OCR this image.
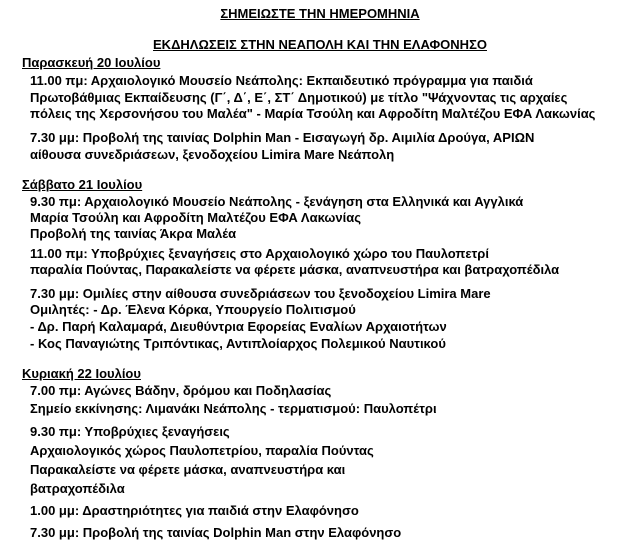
ΣΗΜΕΙΩΣΤΕ ΤΗΝ ΗΜΕΡΟΜΗΝΙΑ
ΕΚΔΗΛΩΣΕΙΣ ΣΤΗΝ ΝΕΑΠΟΛΗ ΚΑΙ ΤΗΝ ΕΛΑΦΟΝΗΣΟ
Παρασκευή 20 Ιουλίου
11.00 πμ: Αρχαιολογικό Μουσείο Νεάπολης: Εκπαιδευτικό πρόγραμμα για παιδιά
Πρωτοβάθμιας Εκπαίδευσης (Γ΄, Δ΄, Ε΄, ΣΤ΄ Δημοτικού) με τίτλο "Ψάχνοντας τις αρχαίες
πόλεις της Χερσονήσου του Μαλέα" - Μαρία Τσούλη και Αφροδίτη Μαλτέζου ΕΦΑ Λακωνίας
7.30 μμ: Προβολή της ταινίας Dolphin Man - Εισαγωγή δρ. Αιμιλία Δρούγα, ΑΡΙΩΝ
αίθουσα συνεδριάσεων, ξενοδοχείου Limira Mare Νεάπολη
Σάββατο 21 Ιουλίου
9.30 πμ: Αρχαιολογικό Μουσείο Νεάπολης - ξενάγηση στα Ελληνικά και Αγγλικά
Μαρία Τσούλη και Αφροδίτη Μαλτέζου ΕΦΑ Λακωνίας
Προβολή της ταινίας Άκρα Μαλέα
11.00 πμ: Υποβρύχιες ξεναγήσεις στο Αρχαιολογικό χώρο του Παυλοπετρί
παραλία Πούντας, Παρακαλείστε να φέρετε μάσκα, αναπνευστήρα και βατραχοπέδιλα
7.30 μμ: Ομιλίες στην αίθουσα συνεδριάσεων του ξενοδοχείου Limira Mare
Ομιλητές: - Δρ. Έλενα Κόρκα, Υπουργείο Πολιτισμού
- Δρ. Παρή Καλαμαρά, Διευθύντρια Εφορείας Εναλίων Αρχαιοτήτων
- Κος Παναγιώτης Τριπόντικας, Αντιπλοίαρχος Πολεμικού Ναυτικού
Κυριακή 22 Ιουλίου
7.00 πμ: Αγώνες Βάδην, δρόμου και Ποδηλασίας
Σημείο εκκίνησης: Λιμανάκι Νεάπολης - τερματισμού: Παυλοπέτρι
9.30 πμ: Υποβρύχιες ξεναγήσεις
Αρχαιολογικός χώρος Παυλοπετρίου, παραλία Πούντας
Παρακαλείστε να φέρετε μάσκα, αναπνευστήρα και
βατραχοπέδιλα
1.00 μμ: Δραστηριότητες για παιδιά στην Ελαφόνησο
7.30 μμ: Προβολή της ταινίας Dolphin Man στην Ελαφόνησο
